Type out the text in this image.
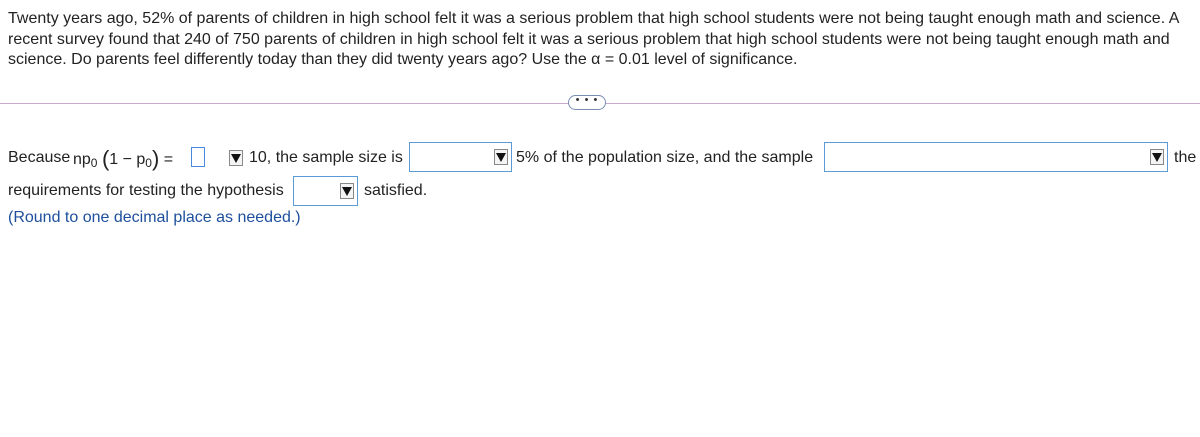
Twenty years ago, 52% of parents of children in high school felt it was a serious problem that high school students were not being taught enough math and science. A recent survey found that 240 of 750 parents of children in high school felt it was a serious problem that high school students were not being taught enough math and science. Do parents feel differently today than they did twenty years ago? Use the α = 0.01 level of significance.

• • •
Because $np_0$ $(1 - p_0)$ =	10, the sample size is	5% of the population size, and the sample	the
requirements for testing the hypothesis	satisfied.
(Round to one decimal place as needed.)
